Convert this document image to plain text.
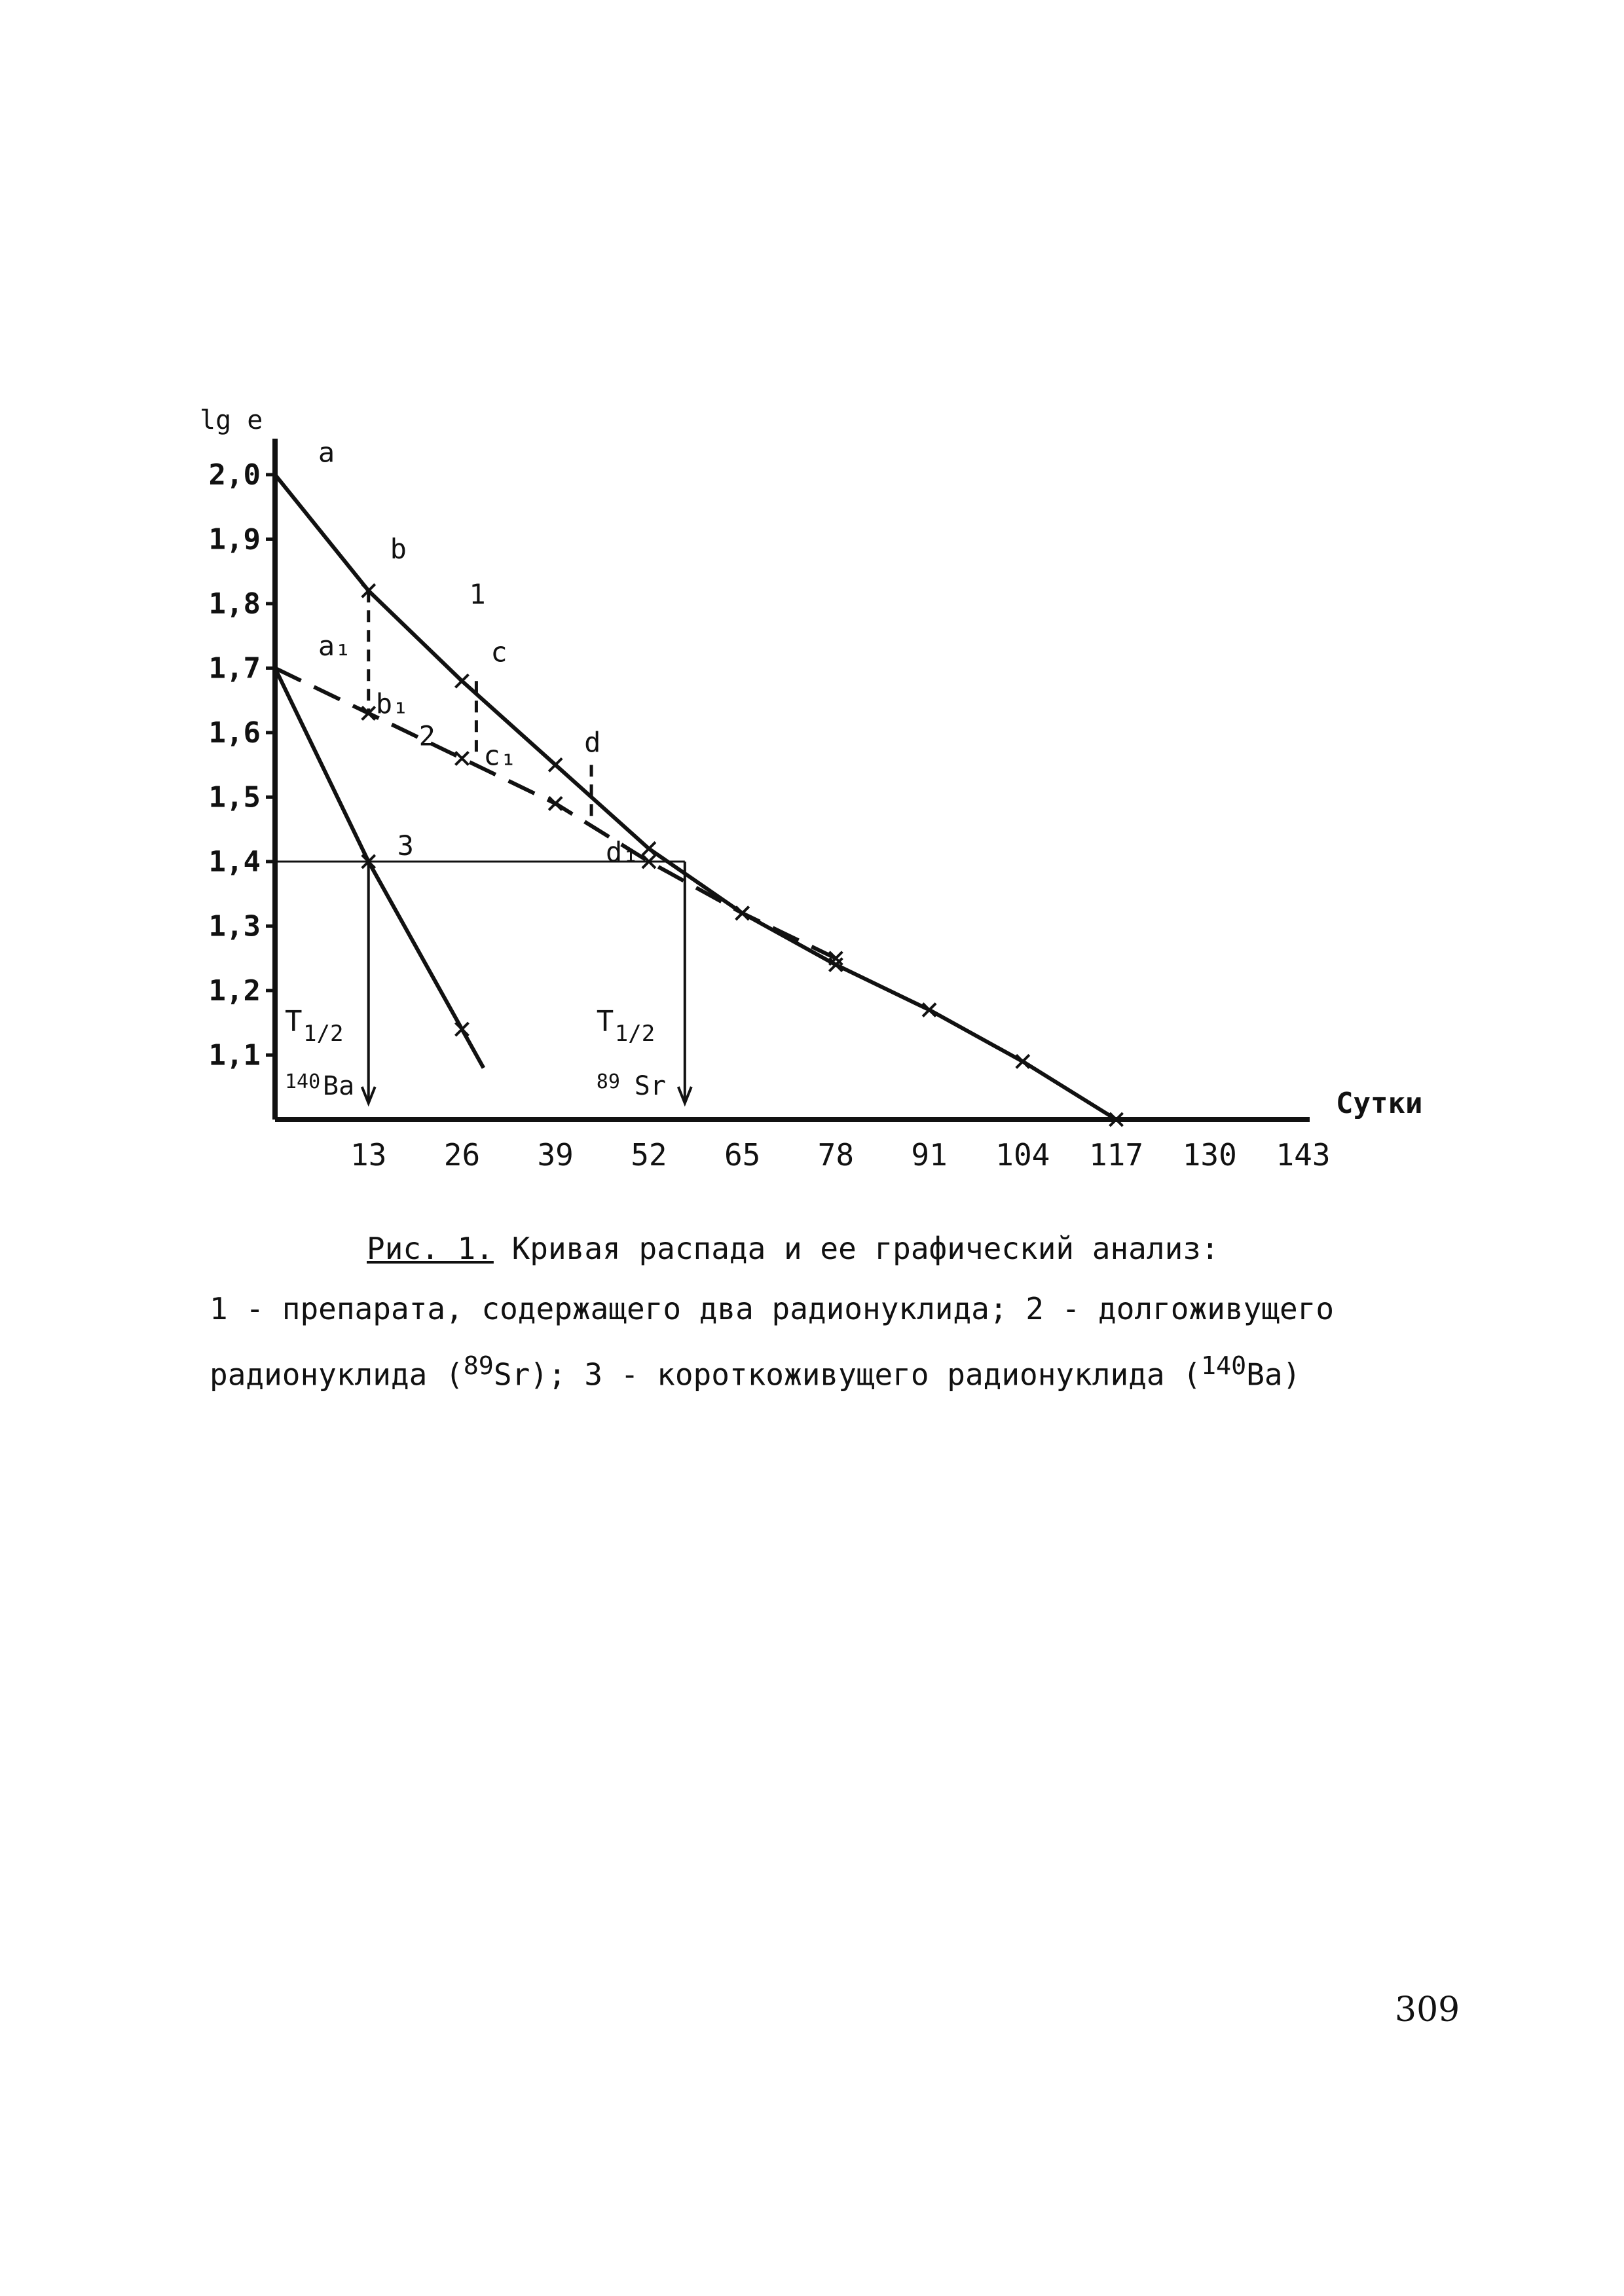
lg e
Сутки
2,0
1,9
1,8
1,7
1,6
1,5
1,4
1,3
1,2
1,1
13 26 39 52 65 78 91 104 117 130 143
T 1/2
140 Ba
T 1/2
89 Sr
a
b
c
d
a₁
b₁
c₁
d₁
1
2
3

Рис. 1. Кривая распада и ее графический анализ:

1 - препарата, содержащего два радионуклида; 2 - долгоживущего

радионуклида ($^{89}$Sr); 3 - короткоживущего радионуклида ($^{140}$Ba)

309
